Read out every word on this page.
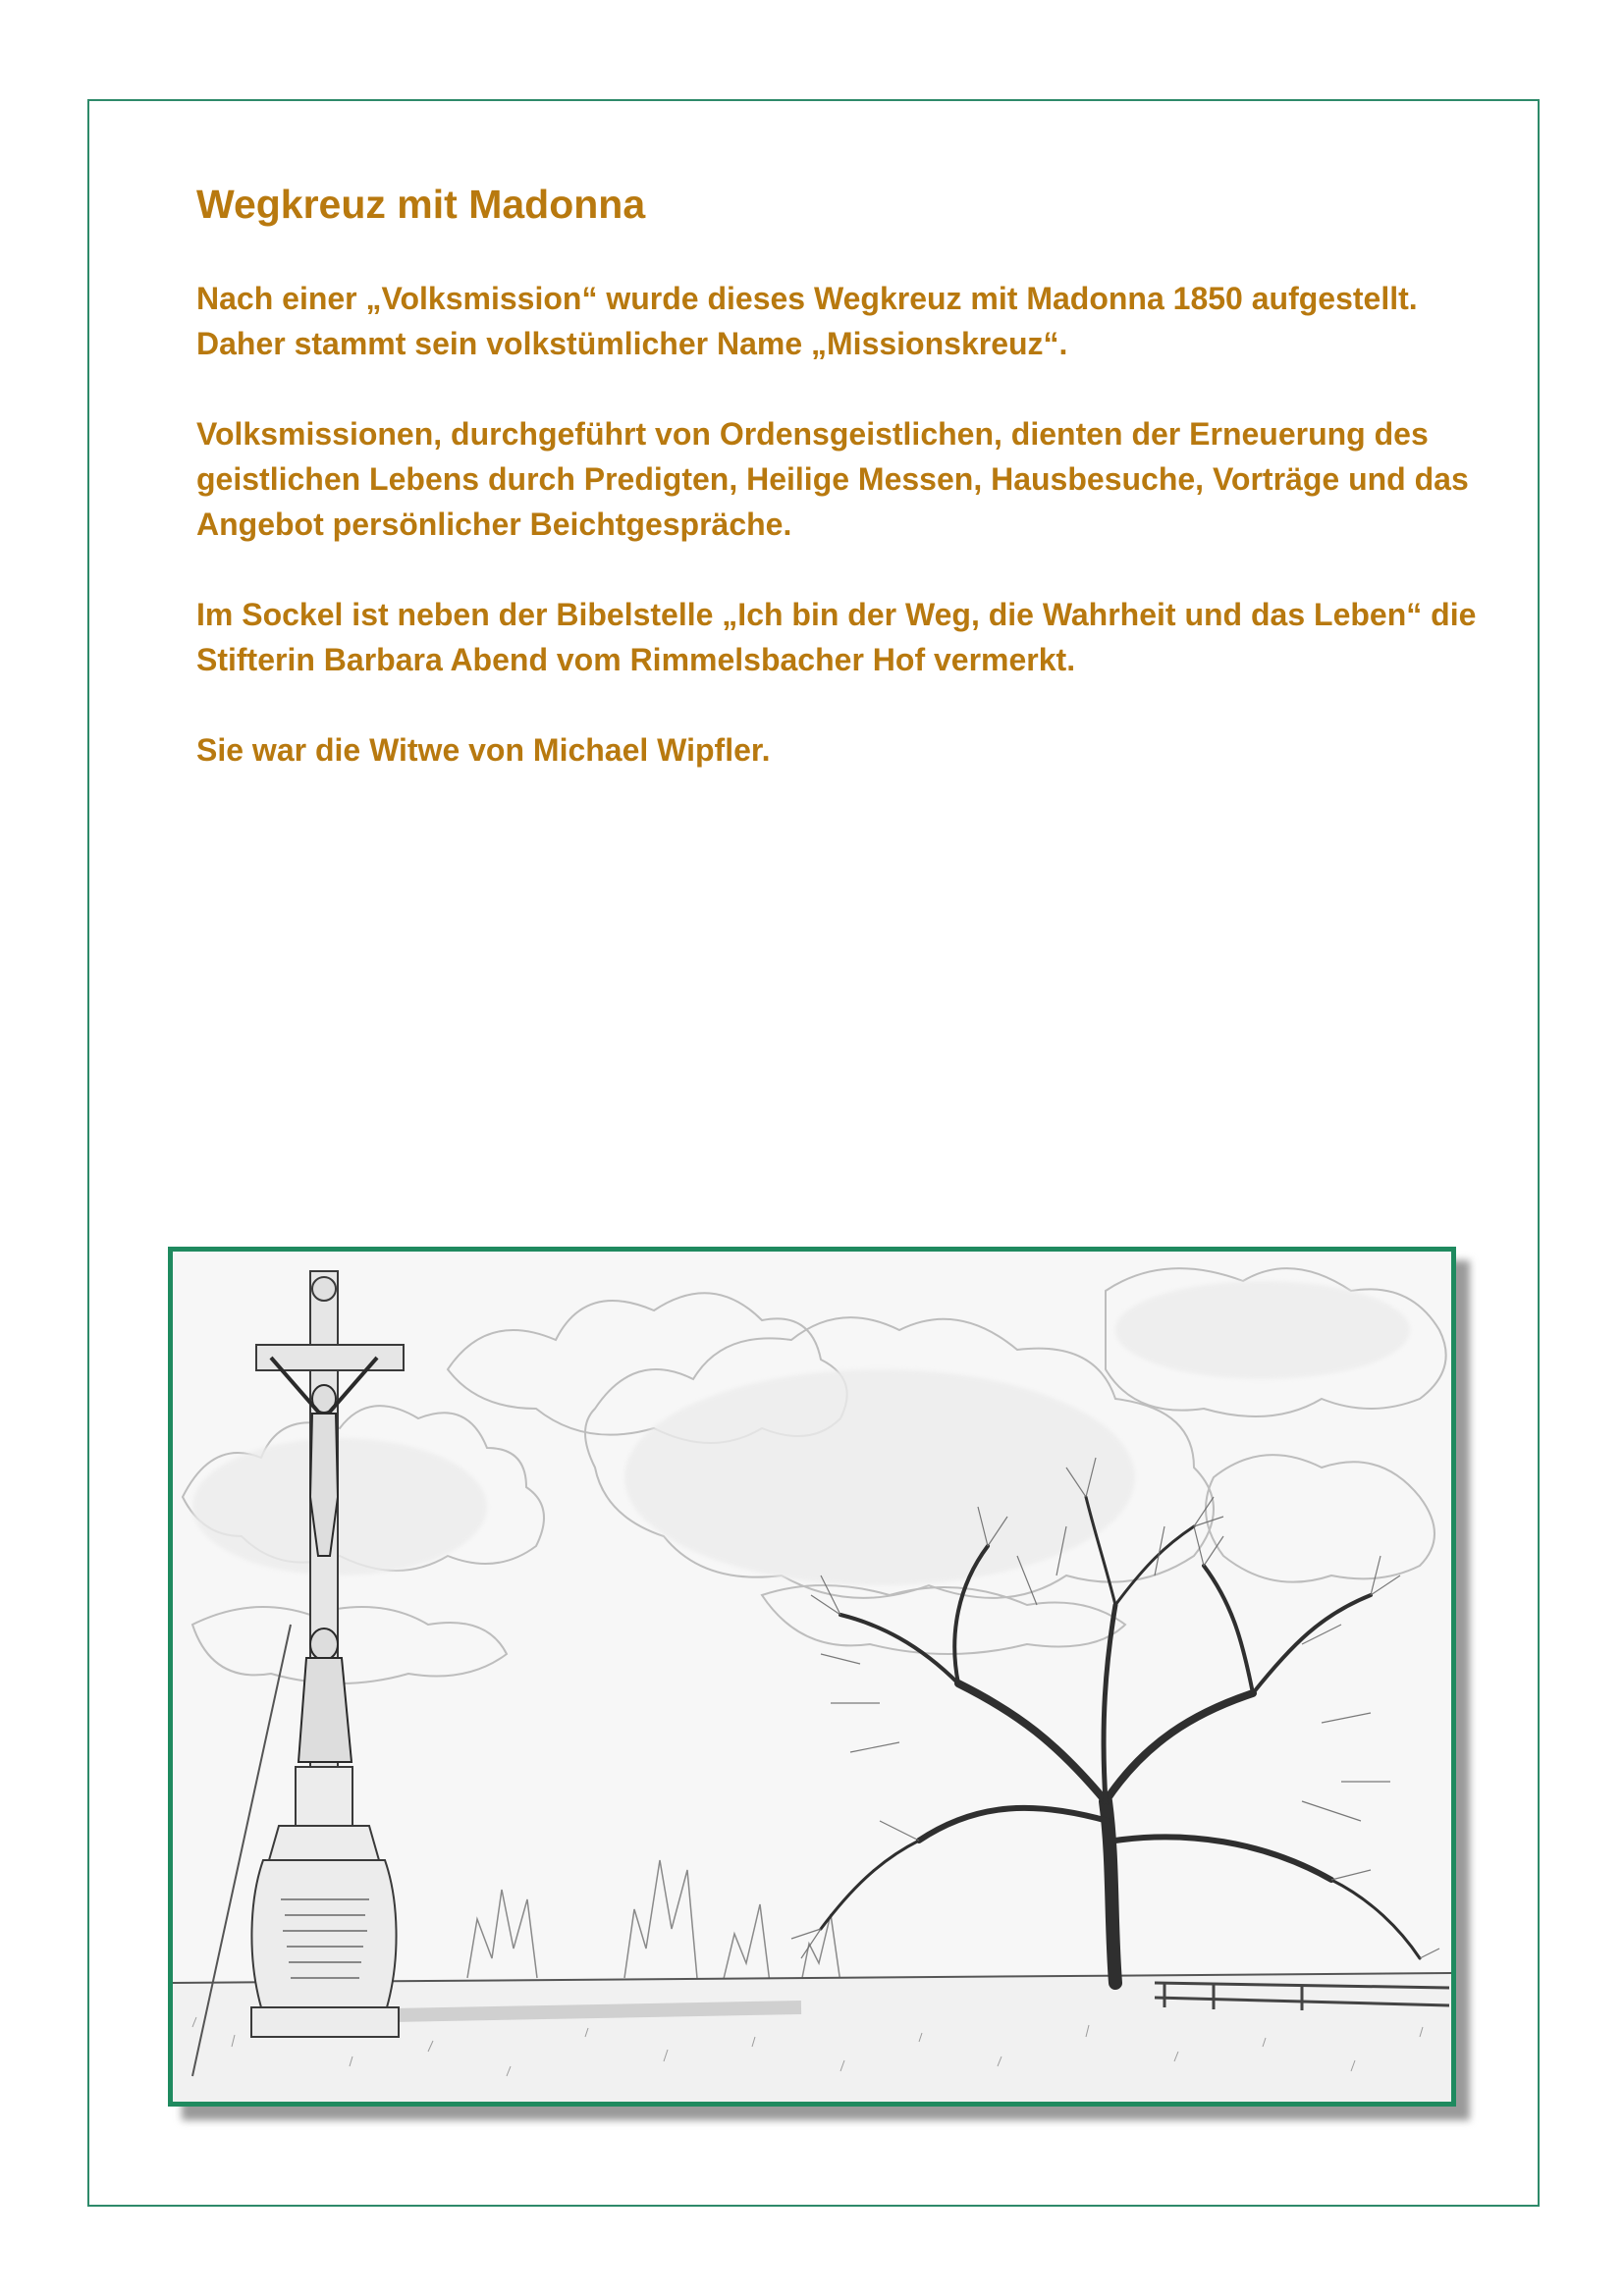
Wegkreuz mit Madonna

Nach einer „Volksmission“ wurde dieses Wegkreuz mit Madonna 1850 aufgestellt. Daher stammt sein volkstümlicher Name „Missionskreuz“.

Volksmissionen, durchgeführt von Ordensgeistlichen, dienten der Erneuerung des geistlichen Lebens durch Predigten, Heilige Messen, Hausbesuche, Vorträge und das Angebot persönlicher Beichtgespräche.

Im Sockel ist neben der Bibelstelle „Ich bin der Weg, die Wahrheit und das Leben“ die Stifterin Barbara Abend vom Rimmelsbacher Hof vermerkt.

Sie war die Witwe von Michael Wipfler.
